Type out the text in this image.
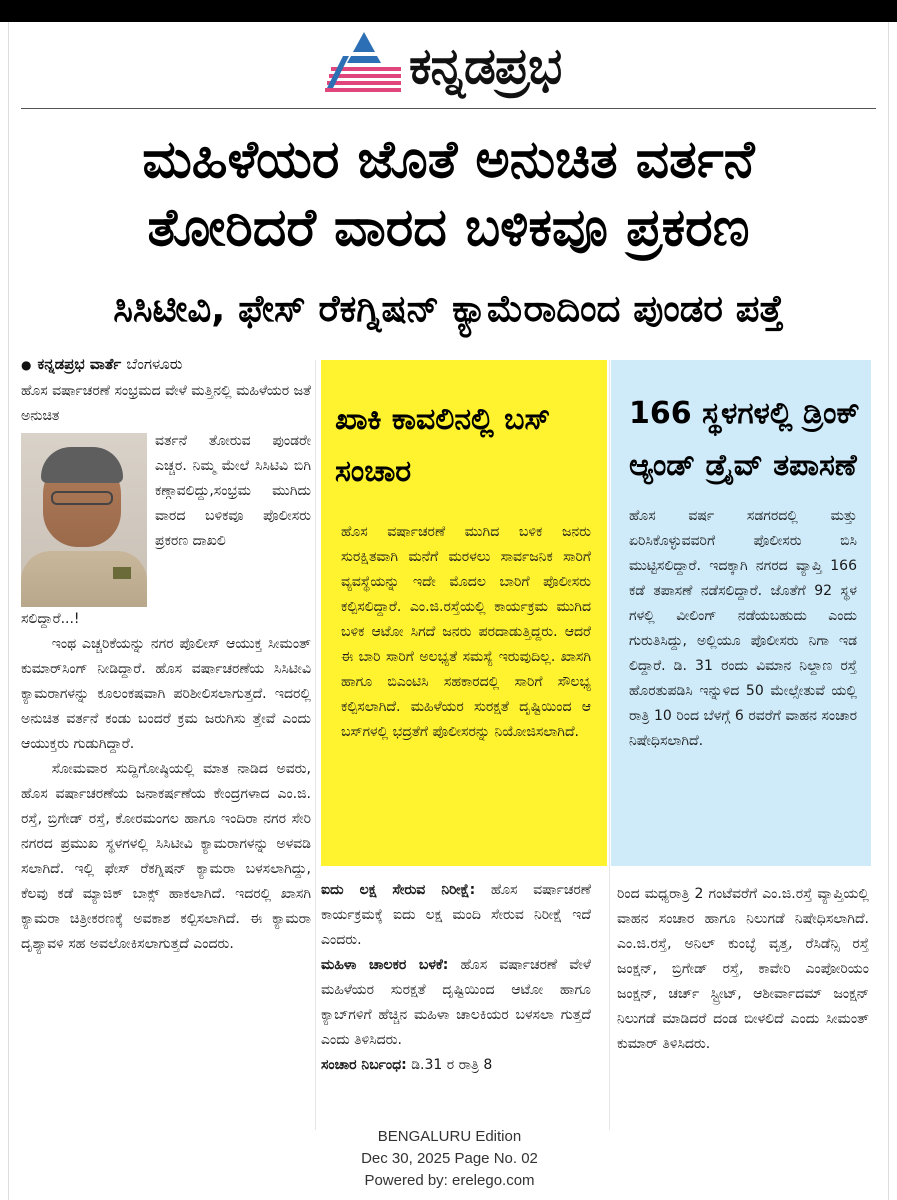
ಕನ್ನಡಪ್ರಭ
ಮಹಿಳೆಯರ ಜೊತೆ ಅನುಚಿತ ವರ್ತನೆ
ತೋರಿದರೆ ವಾರದ ಬಳಿಕವೂ ಪ್ರಕರಣ
ಸಿಸಿಟೀವಿ, ಫೇಸ್ ರೆಕಗ್ನಿಷನ್ ಕ್ಯಾಮೆರಾದಿಂದ ಪುಂಡರ ಪತ್ತೆ

● ಕನ್ನಡಪ್ರಭ ವಾರ್ತೆ ಬೆಂಗಳೂರು

ಹೊಸ ವರ್ಷಾಚರಣೆ ಸಂಭ್ರಮದ ವೇಳೆ ಮತ್ತಿನಲ್ಲಿ ಮಹಿಳೆಯರ ಜತೆ ಅನುಚಿತ

ವರ್ತನೆ ತೋರುವ ಪುಂಡರೇ ಎಚ್ಚರ. ನಿಮ್ಮ ಮೇಲೆ ಸಿಸಿಟಿವಿ ಬಿಗಿ ಕಣ್ಗಾವಲಿದ್ದು,ಸಂಭ್ರಮ ಮುಗಿದು ವಾರದ ಬಳಿಕವೂ ಪೊಲೀಸರು ಪ್ರಕರಣ ದಾಖಲಿ

ಸಲಿದ್ದಾರೆ...!

ಇಂಥ ಎಚ್ಚರಿಕೆಯನ್ನು ನಗರ ಪೊಲೀಸ್ ಆಯುಕ್ತ ಸೀಮಂತ್ ಕುಮಾರ್‌ಸಿಂಗ್ ನೀಡಿದ್ದಾರೆ. ಹೊಸ ವರ್ಷಾಚರಣೆಯ ಸಿಸಿಟೀವಿ ಕ್ಯಾಮರಾಗಳನ್ನು ಕೂಲಂಕಷವಾಗಿ ಪರಿಶೀಲಿಸಲಾಗುತ್ತದೆ. ಇದರಲ್ಲಿ ಅನುಚಿತ ವರ್ತನೆ ಕಂಡು ಬಂದರೆ ಕ್ರಮ ಜರುಗಿಸು ತ್ತೇವೆ ಎಂದು ಆಯುಕ್ತರು ಗುಡುಗಿದ್ದಾರೆ.

ಸೋಮವಾರ ಸುದ್ದಿಗೋಷ್ಠಿಯಲ್ಲಿ ಮಾತ ನಾಡಿದ ಅವರು, ಹೊಸ ವರ್ಷಾಚರಣೆಯ ಜನಾಕರ್ಷಣೆಯ ಕೇಂದ್ರಗಳಾದ ಎಂ.ಜಿ. ರಸ್ತೆ, ಬ್ರಿಗೇಡ್ ರಸ್ತೆ, ಕೋರಮಂಗಲ ಹಾಗೂ ಇಂದಿರಾ ನಗರ ಸೇರಿ ನಗರದ ಪ್ರಮುಖ ಸ್ಥಳಗಳಲ್ಲಿ ಸಿಸಿಟೀವಿ ಕ್ಯಾಮರಾಗಳನ್ನು ಅಳವಡಿ ಸಲಾಗಿದೆ. ಇಲ್ಲಿ ಫೇಸ್ ರೆಕಗ್ನಿಷನ್ ಕ್ಯಾಮರಾ ಬಳಸಲಾಗಿದ್ದು, ಕೆಲವು ಕಡೆ ಮ್ಯಾಜಿಕ್ ಬಾಕ್ಸ್ ಹಾಕಲಾಗಿದೆ. ಇದರಲ್ಲಿ ಖಾಸಗಿ ಕ್ಯಾಮರಾ ಚಿತ್ರೀಕರಣಕ್ಕೆ ಅವಕಾಶ ಕಲ್ಪಿಸಲಾಗಿದೆ. ಈ ಕ್ಯಾಮರಾ ದೃಶ್ಯಾವಳಿ ಸಹ ಅವಲೋಕಿಸಲಾಗುತ್ತದೆ ಎಂದರು.

ಖಾಕಿ ಕಾವಲಿನಲ್ಲಿ ಬಸ್ ಸಂಚಾರ
ಹೊಸ ವರ್ಷಾಚರಣೆ ಮುಗಿದ ಬಳಿಕ ಜನರು ಸುರಕ್ಷಿತವಾಗಿ ಮನೆಗೆ ಮರಳಲು ಸಾರ್ವಜನಿಕ ಸಾರಿಗೆ ವ್ಯವಸ್ಥೆಯನ್ನು ಇದೇ ಮೊದಲ ಬಾರಿಗೆ ಪೊಲೀಸರು ಕಲ್ಪಿಸಲಿದ್ದಾರೆ. ಎಂ.ಜಿ.ರಸ್ತೆಯಲ್ಲಿ ಕಾರ್ಯಕ್ರಮ ಮುಗಿದ ಬಳಿಕ ಆಟೋ ಸಿಗದೆ ಜನರು ಪರದಾಡುತ್ತಿದ್ದರು. ಆದರೆ ಈ ಬಾರಿ ಸಾರಿಗೆ ಅಲಭ್ಯತೆ ಸಮಸ್ಯೆ ಇರುವುದಿಲ್ಲ. ಖಾಸಗಿ ಹಾಗೂ ಬಿಎಂಟಿಸಿ ಸಹಕಾರದಲ್ಲಿ ಸಾರಿಗೆ ಸೌಲಭ್ಯ ಕಲ್ಪಿಸಲಾಗಿದೆ. ಮಹಿಳೆಯರ ಸುರಕ್ಷತೆ ದೃಷ್ಟಿಯಿಂದ ಆ ಬಸ್‌ಗಳಲ್ಲಿ ಭದ್ರತೆಗೆ ಪೊಲೀಸರನ್ನು ನಿಯೋಜಿಸಲಾಗಿದೆ.
166 ಸ್ಥಳಗಳಲ್ಲಿ ಡ್ರಿಂಕ್ ಆ್ಯಂಡ್ ಡ್ರೈವ್ ತಪಾಸಣೆ
ಹೊಸ ವರ್ಷ ಸಡಗರದಲ್ಲಿ ಮತ್ತು ಏರಿಸಿಕೊಳ್ಳುವವರಿಗೆ ಪೊಲೀಸರು ಬಿಸಿ ಮುಟ್ಟಿಸಲಿದ್ದಾರೆ. ಇದಕ್ಕಾಗಿ ನಗರದ ವ್ಯಾಪ್ತಿ 166 ಕಡೆ ತಪಾಸಣೆ ನಡೆಸಲಿದ್ದಾರೆ. ಜೊತೆಗೆ 92 ಸ್ಥಳ ಗಳಲ್ಲಿ ವೀಲಿಂಗ್ ನಡೆಯಬಹುದು ಎಂದು ಗುರುತಿಸಿದ್ದು, ಅಲ್ಲಿಯೂ ಪೊಲೀಸರು ನಿಗಾ ಇಡ ಲಿದ್ದಾರೆ. ಡಿ. 31 ರಂದು ವಿಮಾನ ನಿಲ್ದಾಣ ರಸ್ತೆ ಹೊರತುಪಡಿಸಿ ಇನ್ನುಳಿದ 50 ಮೇಲ್ಸೇತುವೆ ಯಲ್ಲಿ ರಾತ್ರಿ 10 ರಿಂದ ಬೆಳಗ್ಗೆ 6 ರವರೆಗೆ ವಾಹನ ಸಂಚಾರ ನಿಷೇಧಿಸಲಾಗಿದೆ.

ಐದು ಲಕ್ಷ ಸೇರುವ ನಿರೀಕ್ಷೆ: ಹೊಸ ವರ್ಷಾಚರಣೆ ಕಾರ್ಯಕ್ರಮಕ್ಕೆ ಐದು ಲಕ್ಷ ಮಂದಿ ಸೇರುವ ನಿರೀಕ್ಷೆ ಇದೆ ಎಂದರು.

ಮಹಿಳಾ ಚಾಲಕರ ಬಳಕೆ: ಹೊಸ ವರ್ಷಾಚರಣೆ ವೇಳೆ ಮಹಿಳೆಯರ ಸುರಕ್ಷತೆ ದೃಷ್ಟಿಯಿಂದ ಆಟೋ ಹಾಗೂ ಕ್ಯಾಬ್‌ಗಳಿಗೆ ಹೆಚ್ಚಿನ ಮಹಿಳಾ ಚಾಲಕಿಯರ ಬಳಸಲಾ ಗುತ್ತದೆ ಎಂದು ತಿಳಿಸಿದರು.

ಸಂಚಾರ ನಿರ್ಬಂಧ: ಡಿ.31 ರ ರಾತ್ರಿ 8

ರಿಂದ ಮಧ್ಯರಾತ್ರಿ 2 ಗಂಟೆವರೆಗೆ ಎಂ.ಜಿ.ರಸ್ತೆ ವ್ಯಾಪ್ತಿಯಲ್ಲಿ ವಾಹನ ಸಂಚಾರ ಹಾಗೂ ನಿಲುಗಡೆ ನಿಷೇಧಿಸಲಾಗಿದೆ. ಎಂ.ಜಿ.ರಸ್ತೆ, ಅನಿಲ್ ಕುಂಬ್ಳೆ ವೃತ್ತ, ರೆಸಿಡೆನ್ಸಿ ರಸ್ತೆ ಜಂಕ್ಷನ್, ಬ್ರಿಗೇಡ್ ರಸ್ತೆ, ಕಾವೇರಿ ಎಂಪೋರಿಯಂ ಜಂಕ್ಷನ್, ಚರ್ಚ್ ಸ್ಟ್ರೀಟ್, ಆಶೀರ್ವಾದಮ್ ಜಂಕ್ಷನ್ ನಿಲುಗಡೆ ಮಾಡಿದರೆ ದಂಡ ಬೀಳಲಿದೆ ಎಂದು ಸೀಮಂತ್ ಕುಮಾರ್ ತಿಳಿಸಿದರು.

BENGALURU Edition
Dec 30, 2025 Page No. 02
Powered by: erelego.com
